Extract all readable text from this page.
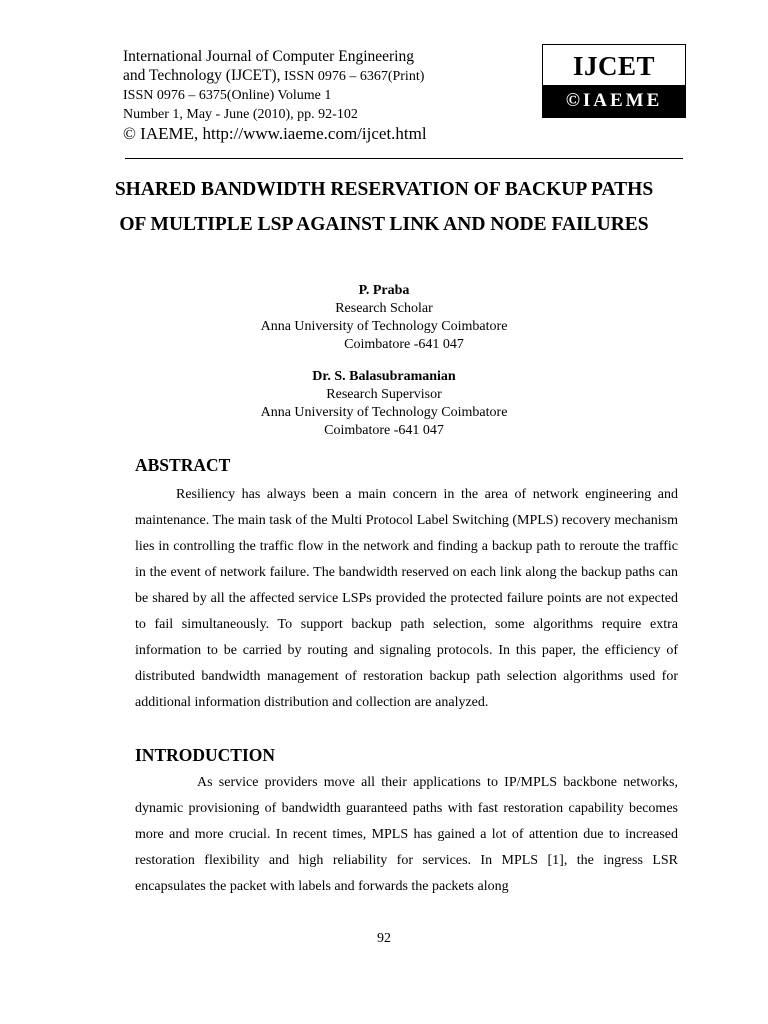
International Journal of Computer Engineering
and Technology (IJCET), ISSN 0976 – 6367(Print)
ISSN 0976 – 6375(Online) Volume 1
Number 1, May - June (2010), pp. 92-102
© IAEME, http://www.iaeme.com/ijcet.html
IJCET
©IAEME
SHARED BANDWIDTH RESERVATION OF BACKUP PATHS OF MULTIPLE LSP AGAINST LINK AND NODE FAILURES
P. Praba
Research Scholar
Anna University of Technology Coimbatore
Coimbatore -641 047
Dr. S. Balasubramanian
Research Supervisor
Anna University of Technology Coimbatore
Coimbatore -641 047
ABSTRACT

Resiliency has always been a main concern in the area of network engineering and maintenance. The main task of the Multi Protocol Label Switching (MPLS) recovery mechanism lies in controlling the traffic flow in the network and finding a backup path to reroute the traffic in the event of network failure. The bandwidth reserved on each link along the backup paths can be shared by all the affected service LSPs provided the protected failure points are not expected to fail simultaneously. To support backup path selection, some algorithms require extra information to be carried by routing and signaling protocols. In this paper, the efficiency of distributed bandwidth management of restoration backup path selection algorithms used for additional information distribution and collection are analyzed.

INTRODUCTION

As service providers move all their applications to IP/MPLS backbone networks, dynamic provisioning of bandwidth guaranteed paths with fast restoration capability becomes more and more crucial. In recent times, MPLS has gained a lot of attention due to increased restoration flexibility and high reliability for services. In MPLS [1], the ingress LSR encapsulates the packet with labels and forwards the packets along

92
